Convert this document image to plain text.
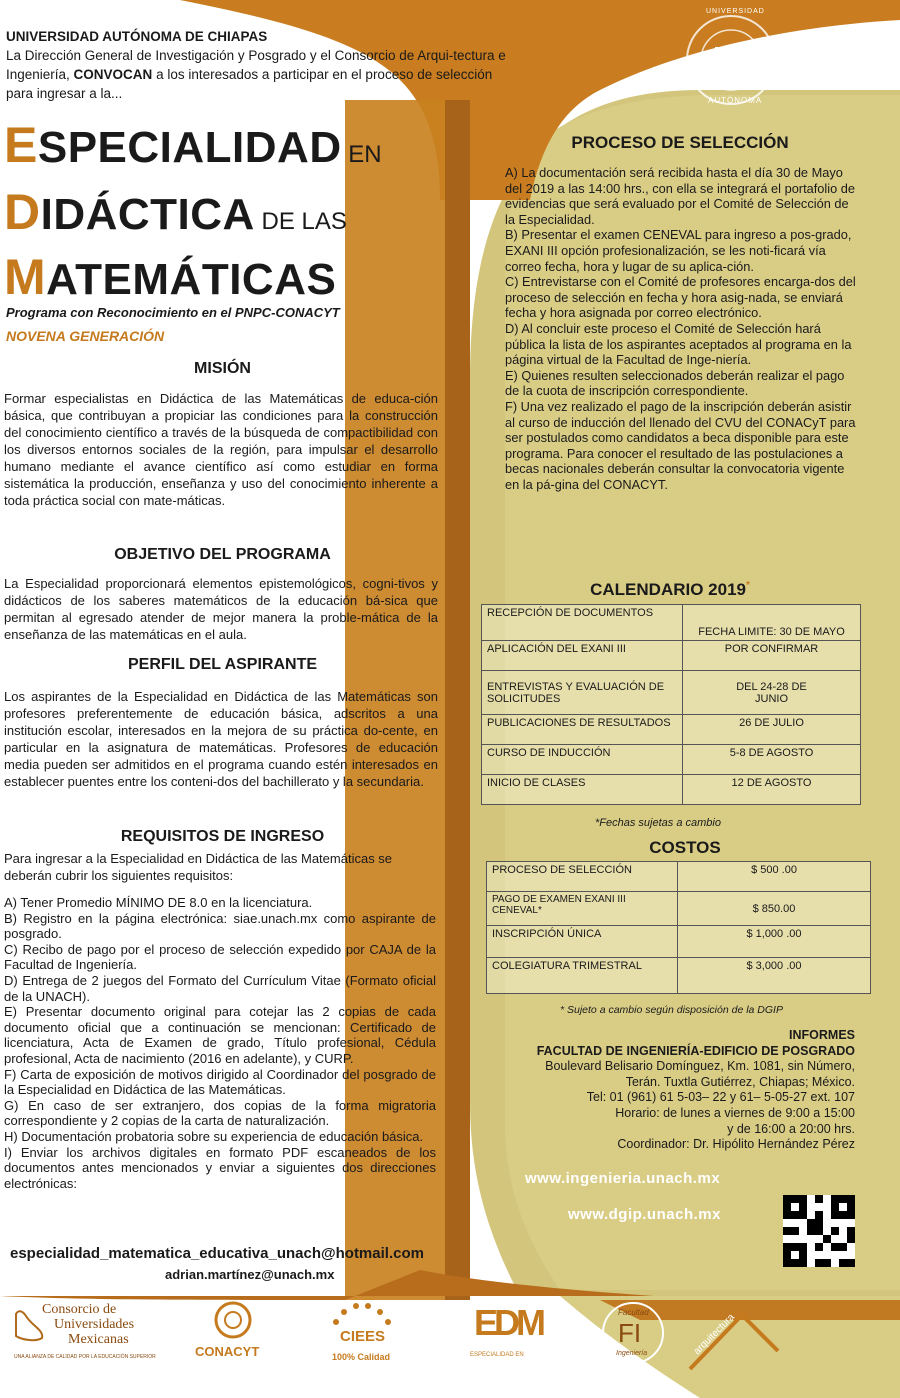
UNACH
UNIVERSIDAD
DE CHIAPAS
AUTÓNOMA
UNIVERSIDAD AUTÓNOMA DE CHIAPAS
La Dirección General de Investigación y Posgrado y el Consorcio de Arqui-tectura e Ingeniería, CONVOCAN a los interesados a participar en el proceso de selección para ingresar a la...
ESPECIALIDAD EN
DIDÁCTICA DE LAS
MATEMÁTICAS
Programa con Reconocimiento en el PNPC-CONACYT
NOVENA GENERACIÓN
MISIÓN
Formar especialistas en Didáctica de las Matemáticas de educa-ción básica, que contribuyan a propiciar las condiciones para la construcción del conocimiento científico a través de la búsqueda de compactibilidad con los diversos entornos sociales de la región, para impulsar el desarrollo humano mediante el avance científico así como estudiar en forma sistemática la producción, enseñanza y uso del conocimiento inherente a toda práctica social con mate-máticas.
OBJETIVO DEL PROGRAMA
La Especialidad proporcionará elementos epistemológicos, cogni-tivos y didácticos de los saberes matemáticos de la educación bá-sica que permitan al egresado atender de mejor manera la proble-mática de la enseñanza de las matemáticas en el aula.
PERFIL DEL ASPIRANTE
Los aspirantes de la Especialidad en Didáctica de las Matemáticas son profesores preferentemente de educación básica, adscritos a una institución escolar, interesados en la mejora de su práctica do-cente, en particular en la asignatura de matemáticas. Profesores de educación media pueden ser admitidos en el programa cuando estén interesados en establecer puentes entre los conteni-dos del bachillerato y la secundaria.
REQUISITOS DE INGRESO
Para ingresar a la Especialidad en Didáctica de las Matemáticas se deberán cubrir los siguientes requisitos:
A) Tener Promedio MÍNIMO DE 8.0 en la licenciatura.
B) Registro en la página electrónica: siae.unach.mx como aspirante de posgrado.
C) Recibo de pago por el proceso de selección expedido por CAJA de la Facultad de Ingeniería.
D) Entrega de 2 juegos del Formato del Currículum Vitae (Formato oficial de la UNACH).
E) Presentar documento original para cotejar las 2 copias de cada documento oficial que a continuación se mencionan: Certificado de licenciatura, Acta de Examen de grado, Título profesional, Cédula profesional, Acta de nacimiento (2016 en adelante), y CURP.
F) Carta de exposición de motivos dirigido al Coordinador del posgrado de la Especialidad en Didáctica de las Matemáticas.
G) En caso de ser extranjero, dos copias de la forma migratoria correspondiente y 2 copias de la carta de naturalización.
H) Documentación probatoria sobre su experiencia de educación básica.
I) Enviar los archivos digitales en formato PDF escaneados de los documentos antes mencionados y enviar a siguientes dos direcciones electrónicas:
especialidad_matematica_educativa_unach@hotmail.com
adrian.martínez@unach.mx
PROCESO DE SELECCIÓN
A) La documentación será recibida hasta el día 30 de Mayo del 2019 a las 14:00 hrs., con ella se integrará el portafolio de evidencias que será evaluado por el Comité de Selección de la Especialidad.
B) Presentar el examen CENEVAL para ingreso a pos-grado, EXANI III opción profesionalización, se les noti-ficará vía correo fecha, hora y lugar de su aplica-ción.
C) Entrevistarse con el Comité de profesores encarga-dos del proceso de selección en fecha y hora asig-nada, se enviará fecha y hora asignada por correo electrónico.
D) Al concluir este proceso el Comité de Selección hará pública la lista de los aspirantes aceptados al programa en la página virtual de la Facultad de Inge-niería.
E) Quienes resulten seleccionados deberán realizar el pago de la cuota de inscripción correspondiente.
F) Una vez realizado el pago de la inscripción deberán asistir al curso de inducción del llenado del CVU del CONACyT para ser postulados como candidatos a beca disponible para este programa. Para conocer el resultado de las postulaciones a becas nacionales deberán consultar la convocatoria vigente en la pá-gina del CONACYT.
CALENDARIO 2019*
RECEPCIÓN DE DOCUMENTOS	FECHA LIMITE: 30 DE MAYO
APLICACIÓN DEL EXANI III	POR CONFIRMAR
ENTREVISTAS Y EVALUACIÓN DE SOLICITUDES	DEL 24-28 DE JUNIO
PUBLICACIONES DE RESULTADOS	26 DE JULIO
CURSO DE INDUCCIÓN	5-8 DE AGOSTO
INICIO DE CLASES	12 DE AGOSTO
*Fechas sujetas a cambio
COSTOS
PROCESO DE SELECCIÓN	$ 500 .00
PAGO DE EXAMEN EXANI III CENEVAL*	$ 850.00
INSCRIPCIÓN ÚNICA	$ 1,000 .00
COLEGIATURA TRIMESTRAL	$ 3,000 .00
* Sujeto a cambio según disposición de la DGIP
INFORMES
FACULTAD DE INGENIERÍA-EDIFICIO DE POSGRADO
Boulevard Belisario Domínguez, Km. 1081, sin Número,
Terán. Tuxtla Gutiérrez, Chiapas; México.
Tel: 01 (961) 61 5-03– 22 y 61– 5-05-27 ext. 107
Horario: de lunes a viernes de 9:00 a 15:00
y de 16:00 a 20:00 hrs.
Coordinador: Dr. Hipólito Hernández Pérez
www.ingenieria.unach.mx
www.dgip.unach.mx
Consorcio de
Universidades
Mexicanas
UNA ALIANZA DE CALIDAD POR LA EDUCACIÓN SUPERIOR	CONACYT
CIEES
100% Calidad
EDM
ESPECIALIDAD EN
Facultad
FI
Ingeniería	arquitectura
